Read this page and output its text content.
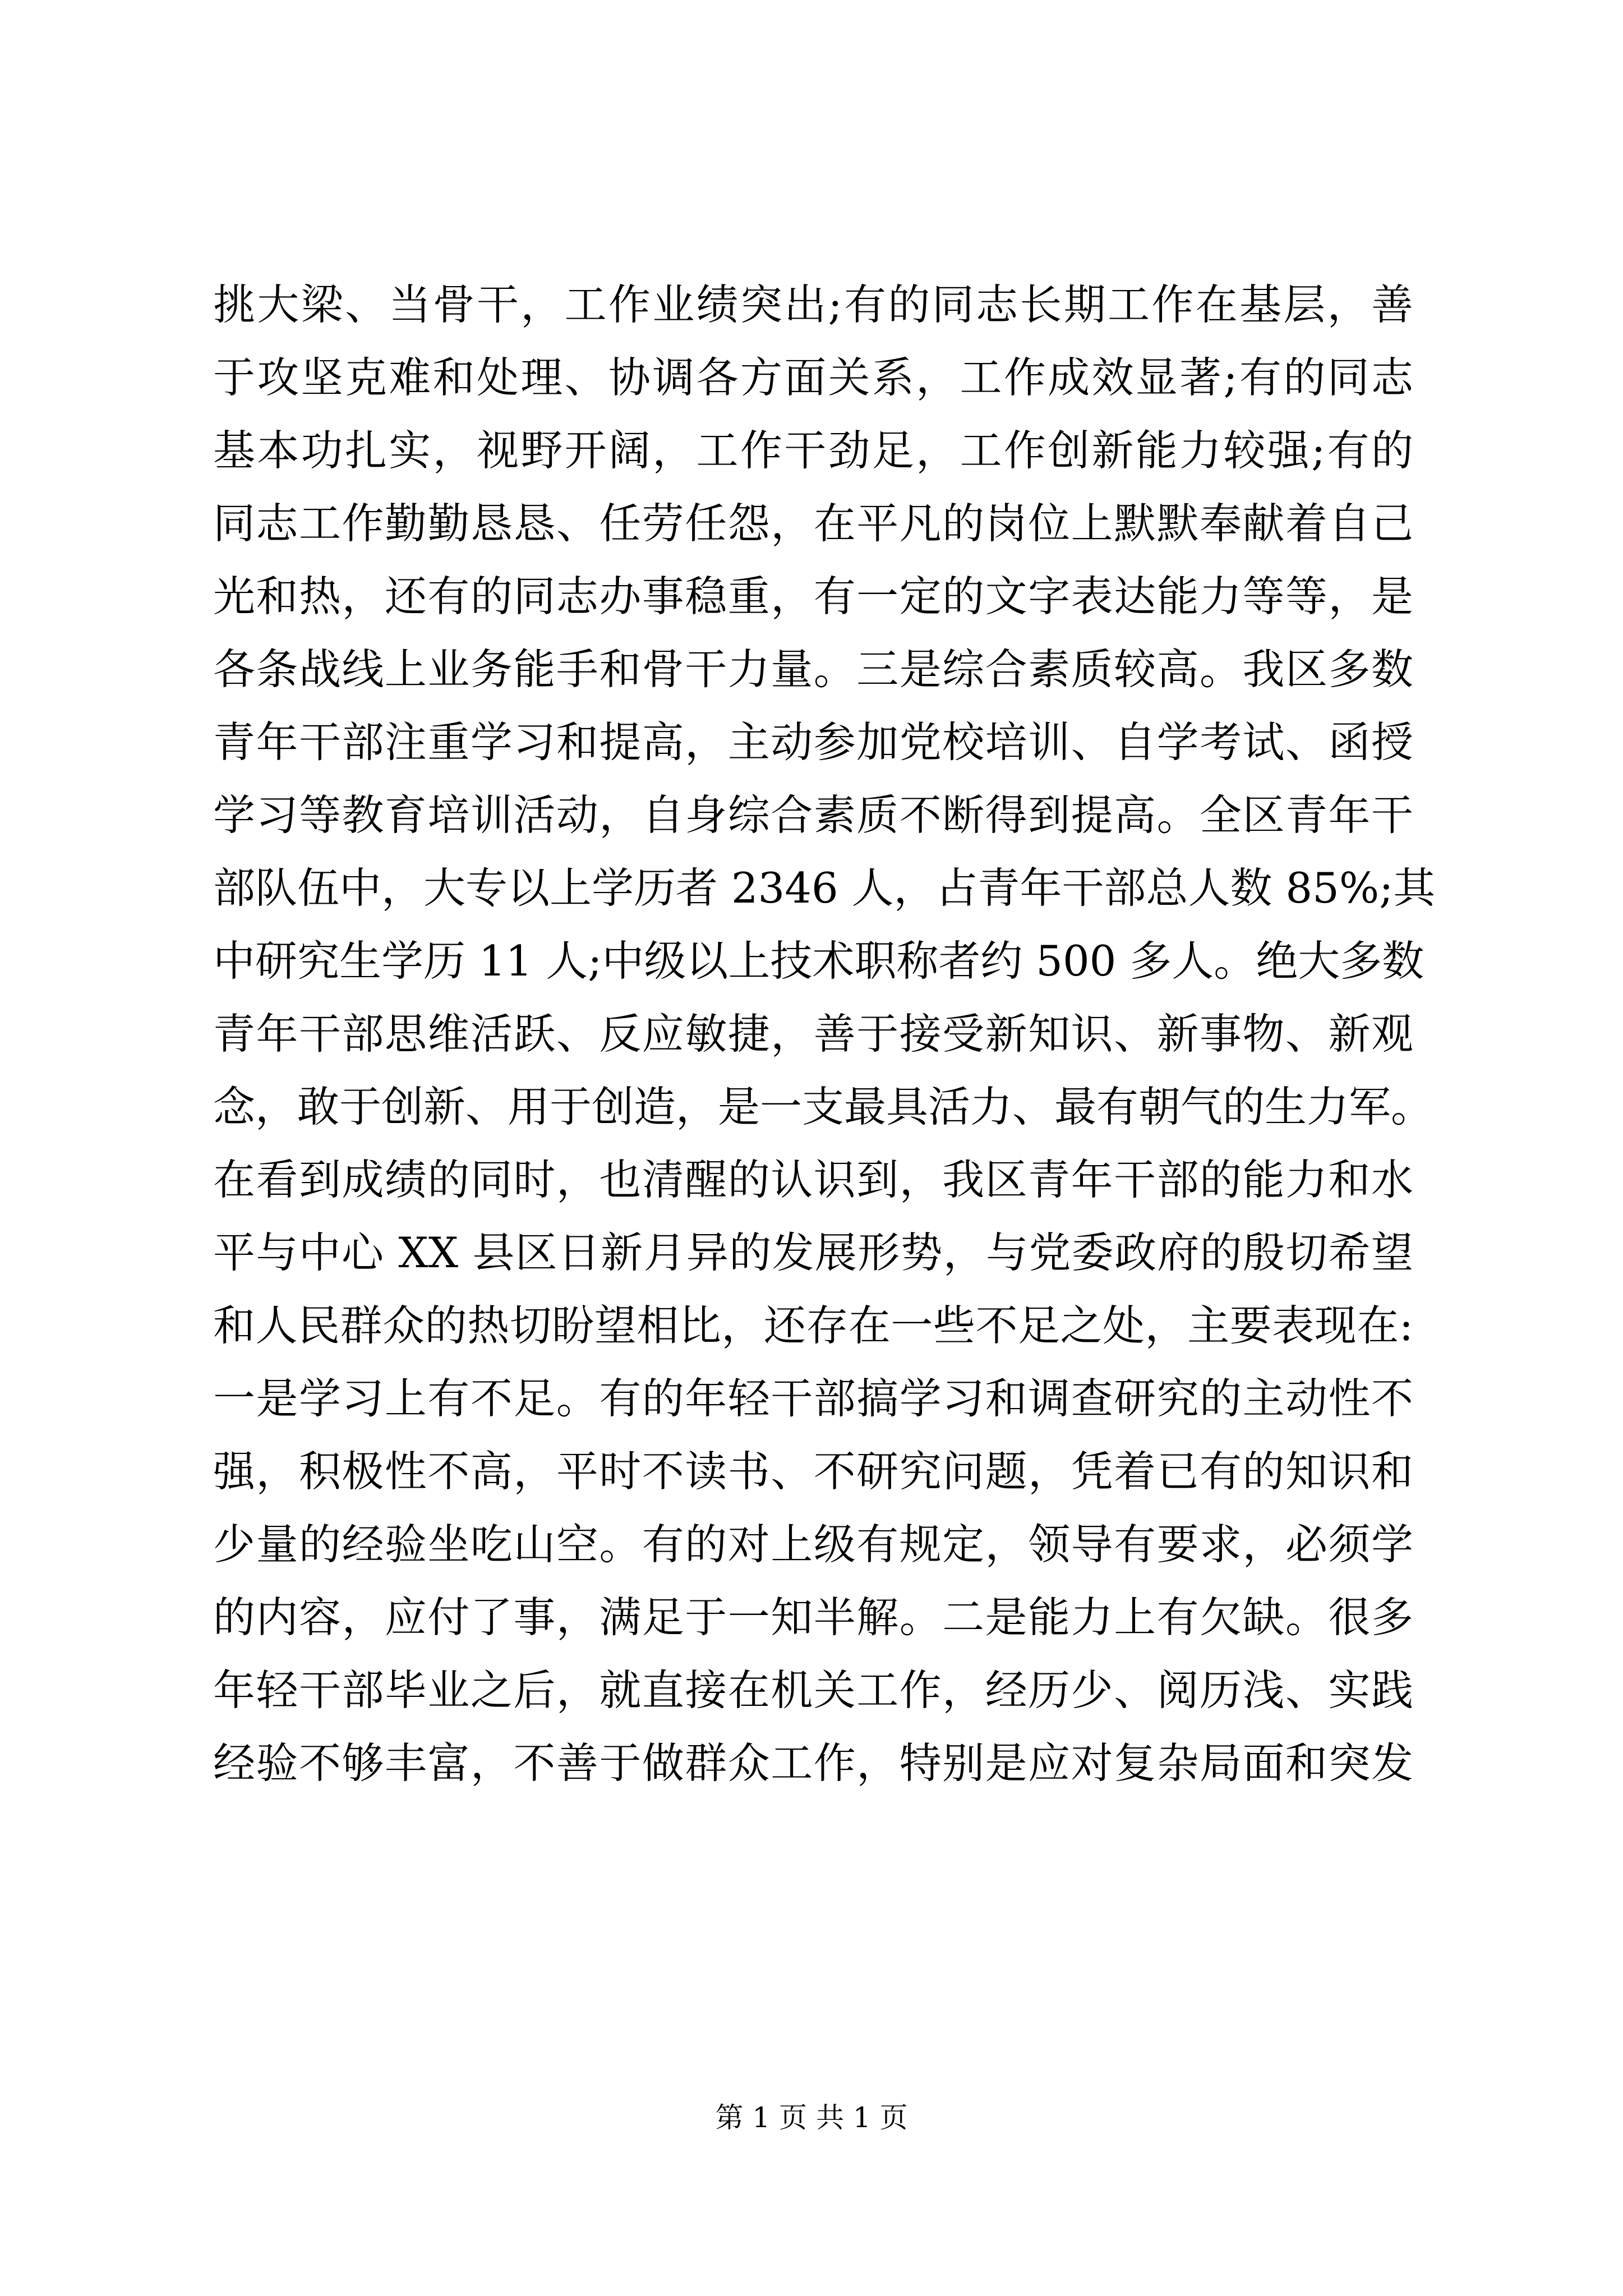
挑大梁、当骨干，工作业绩突出;有的同志长期工作在基层，善
于攻坚克难和处理、协调各方面关系，工作成效显著;有的同志
基本功扎实，视野开阔，工作干劲足，工作创新能力较强;有的
同志工作勤勤恳恳、任劳任怨，在平凡的岗位上默默奉献着自己
光和热，还有的同志办事稳重，有一定的文字表达能力等等，是
各条战线上业务能手和骨干力量。三是综合素质较高。我区多数
青年干部注重学习和提高，主动参加党校培训、自学考试、函授
学习等教育培训活动，自身综合素质不断得到提高。全区青年干
部队伍中，大专以上学历者 2346 人，占青年干部总人数 85%;其
中研究生学历 11 人;中级以上技术职称者约 500 多人。绝大多数
青年干部思维活跃、反应敏捷，善于接受新知识、新事物、新观
念，敢于创新、用于创造，是一支最具活力、最有朝气的生力军。
在看到成绩的同时，也清醒的认识到，我区青年干部的能力和水
平与中心 XX 县区日新月异的发展形势，与党委政府的殷切希望
和人民群众的热切盼望相比，还存在一些不足之处，主要表现在:
一是学习上有不足。有的年轻干部搞学习和调查研究的主动性不
强，积极性不高，平时不读书、不研究问题，凭着已有的知识和
少量的经验坐吃山空。有的对上级有规定，领导有要求，必须学
的内容，应付了事，满足于一知半解。二是能力上有欠缺。很多
年轻干部毕业之后，就直接在机关工作，经历少、阅历浅、实践
经验不够丰富，不善于做群众工作，特别是应对复杂局面和突发
第 1 页 共 1 页
